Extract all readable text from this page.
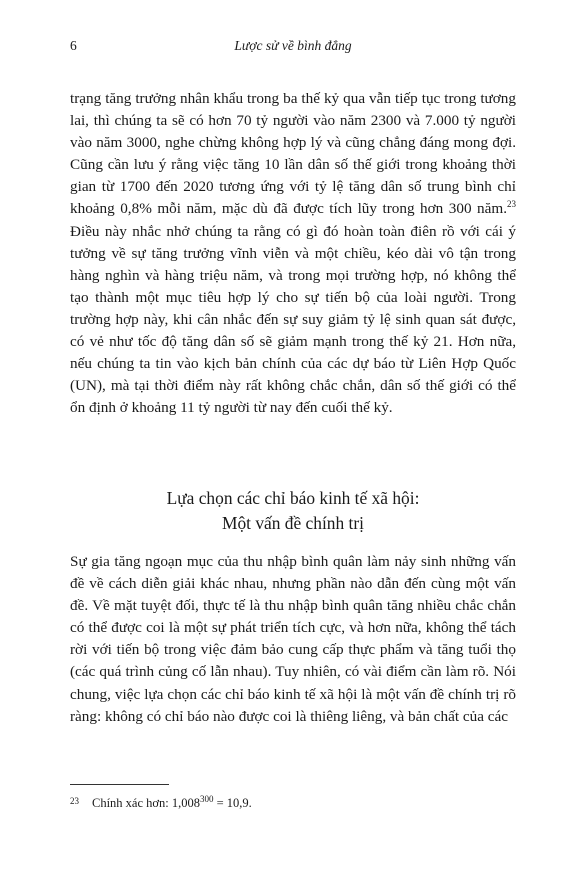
6	Lược sử về bình đẳng
trạng tăng trưởng nhân khẩu trong ba thế kỷ qua vẫn tiếp tục trong tương lai, thì chúng ta sẽ có hơn 70 tỷ người vào năm 2300 và 7.000 tỷ người vào năm 3000, nghe chừng không hợp lý và cũng chẳng đáng mong đợi. Cũng cần lưu ý rằng việc tăng 10 lần dân số thế giới trong khoảng thời gian từ 1700 đến 2020 tương ứng với tỷ lệ tăng dân số trung bình chỉ khoảng 0,8% mỗi năm, mặc dù đã được tích lũy trong hơn 300 năm.$^{23}$ Điều này nhắc nhở chúng ta rằng có gì đó hoàn toàn điên rồ với cái ý tưởng về sự tăng trưởng vĩnh viễn và một chiều, kéo dài vô tận trong hàng nghìn và hàng triệu năm, và trong mọi trường hợp, nó không thể tạo thành một mục tiêu hợp lý cho sự tiến bộ của loài người. Trong trường hợp này, khi cân nhắc đến sự suy giảm tỷ lệ sinh quan sát được, có vẻ như tốc độ tăng dân số sẽ giảm mạnh trong thế kỷ 21. Hơn nữa, nếu chúng ta tin vào kịch bản chính của các dự báo từ Liên Hợp Quốc (UN), mà tại thời điểm này rất không chắc chắn, dân số thế giới có thể ổn định ở khoảng 11 tỷ người từ nay đến cuối thế kỷ.
Lựa chọn các chỉ báo kinh tế xã hội:
Một vấn đề chính trị
Sự gia tăng ngoạn mục của thu nhập bình quân làm nảy sinh những vấn đề về cách diễn giải khác nhau, nhưng phần nào dẫn đến cùng một vấn đề. Về mặt tuyệt đối, thực tế là thu nhập bình quân tăng nhiều chắc chắn có thể được coi là một sự phát triển tích cực, và hơn nữa, không thể tách rời với tiến bộ trong việc đảm bảo cung cấp thực phẩm và tăng tuổi thọ (các quá trình củng cố lẫn nhau). Tuy nhiên, có vài điểm cần làm rõ. Nói chung, việc lựa chọn các chỉ báo kinh tế xã hội là một vấn đề chính trị rõ ràng: không có chỉ báo nào được coi là thiêng liêng, và bản chất của các
23 Chính xác hơn: $1,008^{300} = 10,9$.
